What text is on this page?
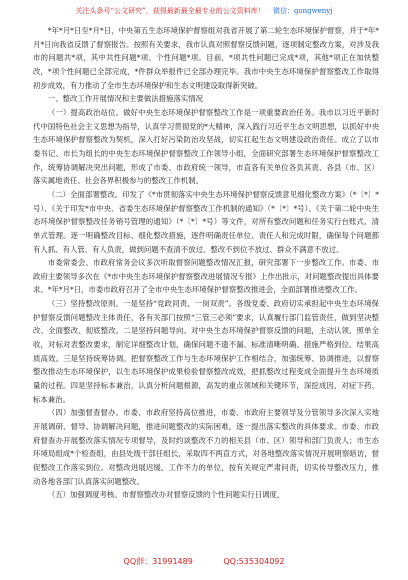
关注头条号“公文研究”，获得最新最全最专业的公文资料库！ 微信：gongwenyj

*年*月*日至*月*日，中央第五生态环境保护督察组对我省开展了第二轮生态环境保护督察，并于*年*月*日向我省反馈了督察报告。按照有关要求，我市认真对照督察反馈问题，逐项制定整改方案，对涉及我市的问题共*项，其中共性问题*项、个性问题*项。目前，*项共性问题已完成*项，其他*项正在加快整改，*项个性问题已全部完成，*件群众举报件已全部办理完毕。我市中央生态环境保护督察整改工作取得初步成效，有力推动了全市生态环境保护和生态文明建设取得新突破。

一、整改工作开展情况和主要做法措施落实情况

（一）提高政治站位。做好中央生态环境保护督察整改工作是一项重要政治任务。我市以习近平新时代中国特色社会主义思想为指导，认真学习贯彻党的*大精神，深入践行习近平生态文明思想，以抓好中央生态环境保护督察整改为契机，深入打好污染防治攻坚战，切实扛起生态文明建设政治责任。成立了以市委书记、市长为组长的中央生态环境保护督察整改工作领导小组，全面研究部署生态环境保护督察整改工作，统筹协调解决突出问题，形成了市委、市政府统一领导，市直各有关单位各负其责、各县（市、区）落实属地责任、社会各界积极参与的整改工作机制。

（二）全面部署整改。印发了《*市贯彻落实中央生态环境保护督察反馈意见细化整改方案》（*〔*〕*号）、《关于印发*市中央、省委生态环境保护督察整改工作机制的通知》（*〔*〕*号）、《关于第二轮中央生态环境保护督察整改任务销号管理的通知》（*〔*〕*号）等文件，对所有整改问题和任务实行台账式、清单式管理。逐一明确整改目标、细化整改措施，逐件明确责任单位、责任人和完成时限，确保每个问题都有人抓、有人管、有人负责，做到问题不查清不放过、整改不到位不放过、群众不满意不放过。

市委常委会、市政府常务会议多次听取督察问题整改情况汇报，研究部署下一步整改工作。市委、市政府主要领导多次在《*市中央生态环境保护督察整改进展情况专报》上作出批示，对问题整改提出具体要求。*年*月*日，市委市政府召开了全市中央生态环境保护督察整改推进会，全面部署推进整改工作。

（三）坚持整改原则。一是坚持“党政同责、一岗双责”。各级党委、政府切实承担起中央生态环境保护督察反馈问题整改主体责任，各有关部门按照“三管三必须”要求，认真履行部门监管责任，做到坚决整改、全面整改、彻底整改。二是坚持问题导向。对中央生态环境保护督察反馈的问题，主动认领、照单全收，对标对表整改要求，制定详细整改计划，确保问题不遗不漏、标准清晰明确、措施严格到位、结果高质高效。三是坚持统筹协调。把督察整改工作与生态环境保护工作相结合，加强统筹、协调推进，以督察整改推动生态环境保护，以生态环境保护成果检验督察整改成效，把抓整改过程变成全面提升生态环境质量的过程。四是坚持标本兼治，认真分析问题根源，高发的重点领域和关键环节，深挖成因、对症下药、标本兼治。

（四）加强督查督办。市委、市政府坚持高位推进，市委、市政府主要领导及分管领导多次深入实地开展调研、督导、协调解决问题，推进问题整改的实际困难，逐一提出落实整改的具体要求。市委、市政府督查办开展整改落实情况专项督导，及时约谈整改不力的相关县（市、区）领导和部门负责人；市生态环境局组成*个检查组，由县处级干部任组长，采取四不两直方式，对各地整改落实情况开展明察暗访，督促整改工作落实到位。对整改进展迟缓、工作不力的单位，按有关规定严肃问责，切实传导整改压力，推动各地各部门认真落实问题整改。

（五）加强调度考核。市督察整改办对督察反馈的个性问题实行日调度，

QQ群：31991489	QQ:535304092
